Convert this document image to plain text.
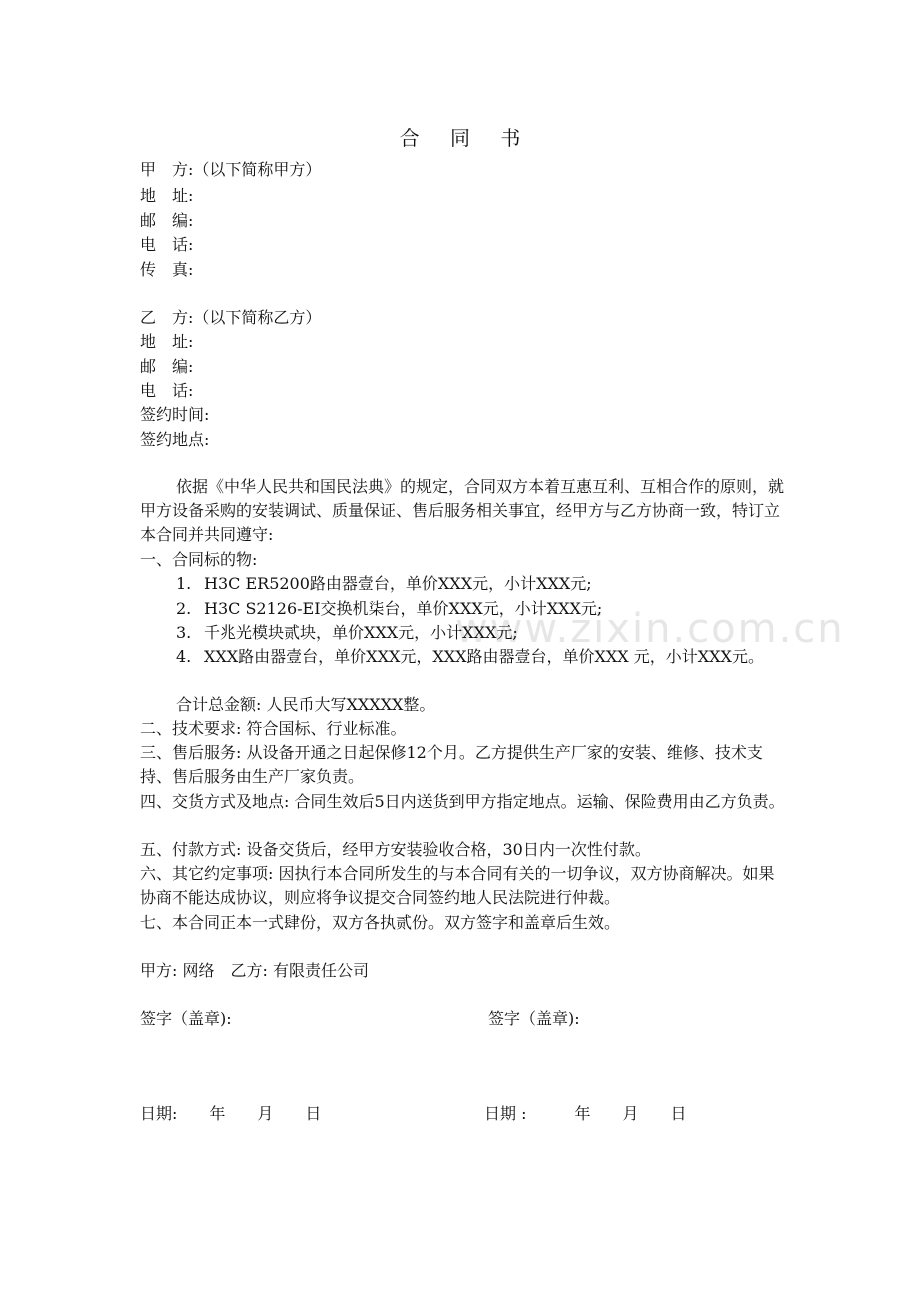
www.zixin.com.cn
合 同 书
甲　方:（以下简称甲方）
地　址:
邮　编:
电　话:
传　真:
乙　方:（以下简称乙方）
地　址:
邮　编:
电　话:
签约时间:
签约地点:
依据《中华人民共和国民法典》的规定，合同双方本着互惠互利、互相合作的原则，就甲方设备采购的安装调试、质量保证、售后服务相关事宜，经甲方与乙方协商一致，特订立本合同并共同遵守:
一、合同标的物:
1. H3C ER5200路由器壹台，单价XXX元，小计XXX元;
2. H3C S2126-EI交换机柒台，单价XXX元，小计XXX元;
3. 千兆光模块贰块，单价XXX元，小计XXX元;
4. XXX路由器壹台，单价XXX元，XXX路由器壹台，单价XXX 元，小计XXX元。
合计总金额: 人民币大写XXXXX整。
二、技术要求: 符合国标、行业标准。
三、售后服务: 从设备开通之日起保修12个月。乙方提供生产厂家的安装、维修、技术支持、售后服务由生产厂家负责。
四、交货方式及地点: 合同生效后5日内送货到甲方指定地点。运输、保险费用由乙方负责。
五、付款方式: 设备交货后，经甲方安装验收合格，30日内一次性付款。
六、其它约定事项: 因执行本合同所发生的与本合同有关的一切争议，双方协商解决。如果协商不能达成协议，则应将争议提交合同签约地人民法院进行仲裁。
七、本合同正本一式肆份，双方各执贰份。双方签字和盖章后生效。
甲方: 网络　乙方: 有限责任公司
签字（盖章):	签字（盖章):
日期:　　年　　月　　日	日期 :　　　年　　月　　日
